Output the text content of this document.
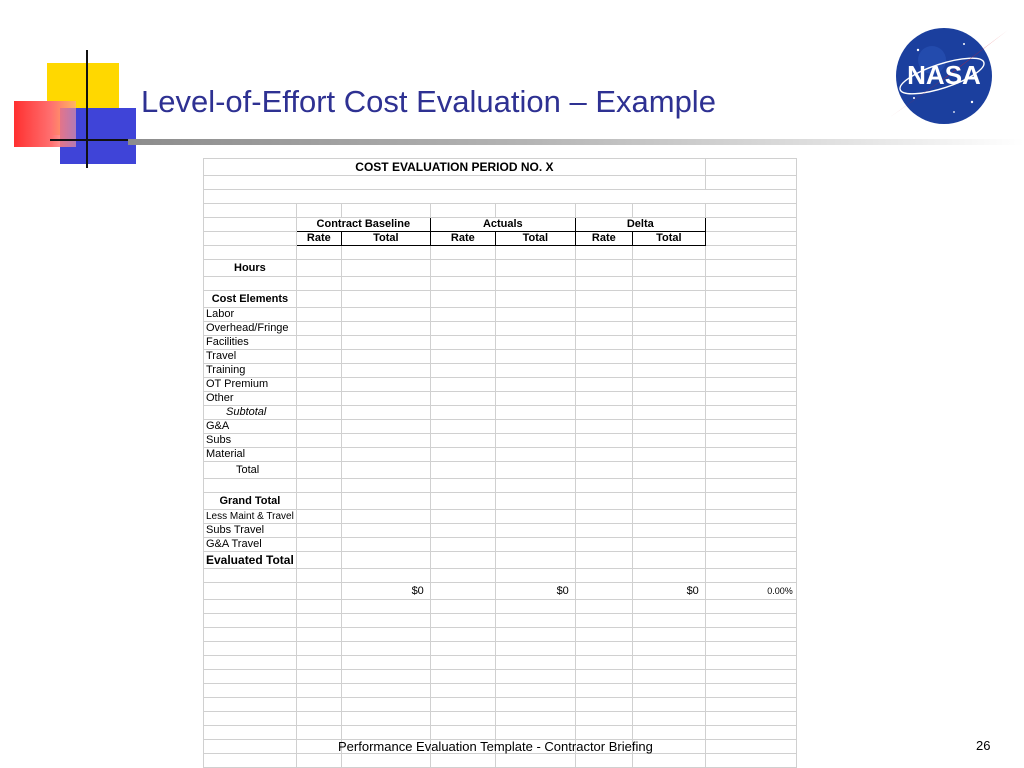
Level-of-Effort Cost Evaluation – Example
NASA
COST EVALUATION PERIOD NO. X							

	Contract Baseline		Actuals		Delta		
	Rate	Total	Rate	Total	Rate	Total	

Hours							

Cost Elements							
Labor							
Overhead/Fringe							
Facilities							
Travel							
Training							
OT Premium							
Other							
Subtotal							
G&A							
Subs							
Material							
Total							

Grand Total							
Less Maint & Travel							
Subs Travel							
G&A Travel							
Evaluated Total							

		$0		$0		$0	0.00%

Performance Evaluation Template - Contractor Briefing	26
